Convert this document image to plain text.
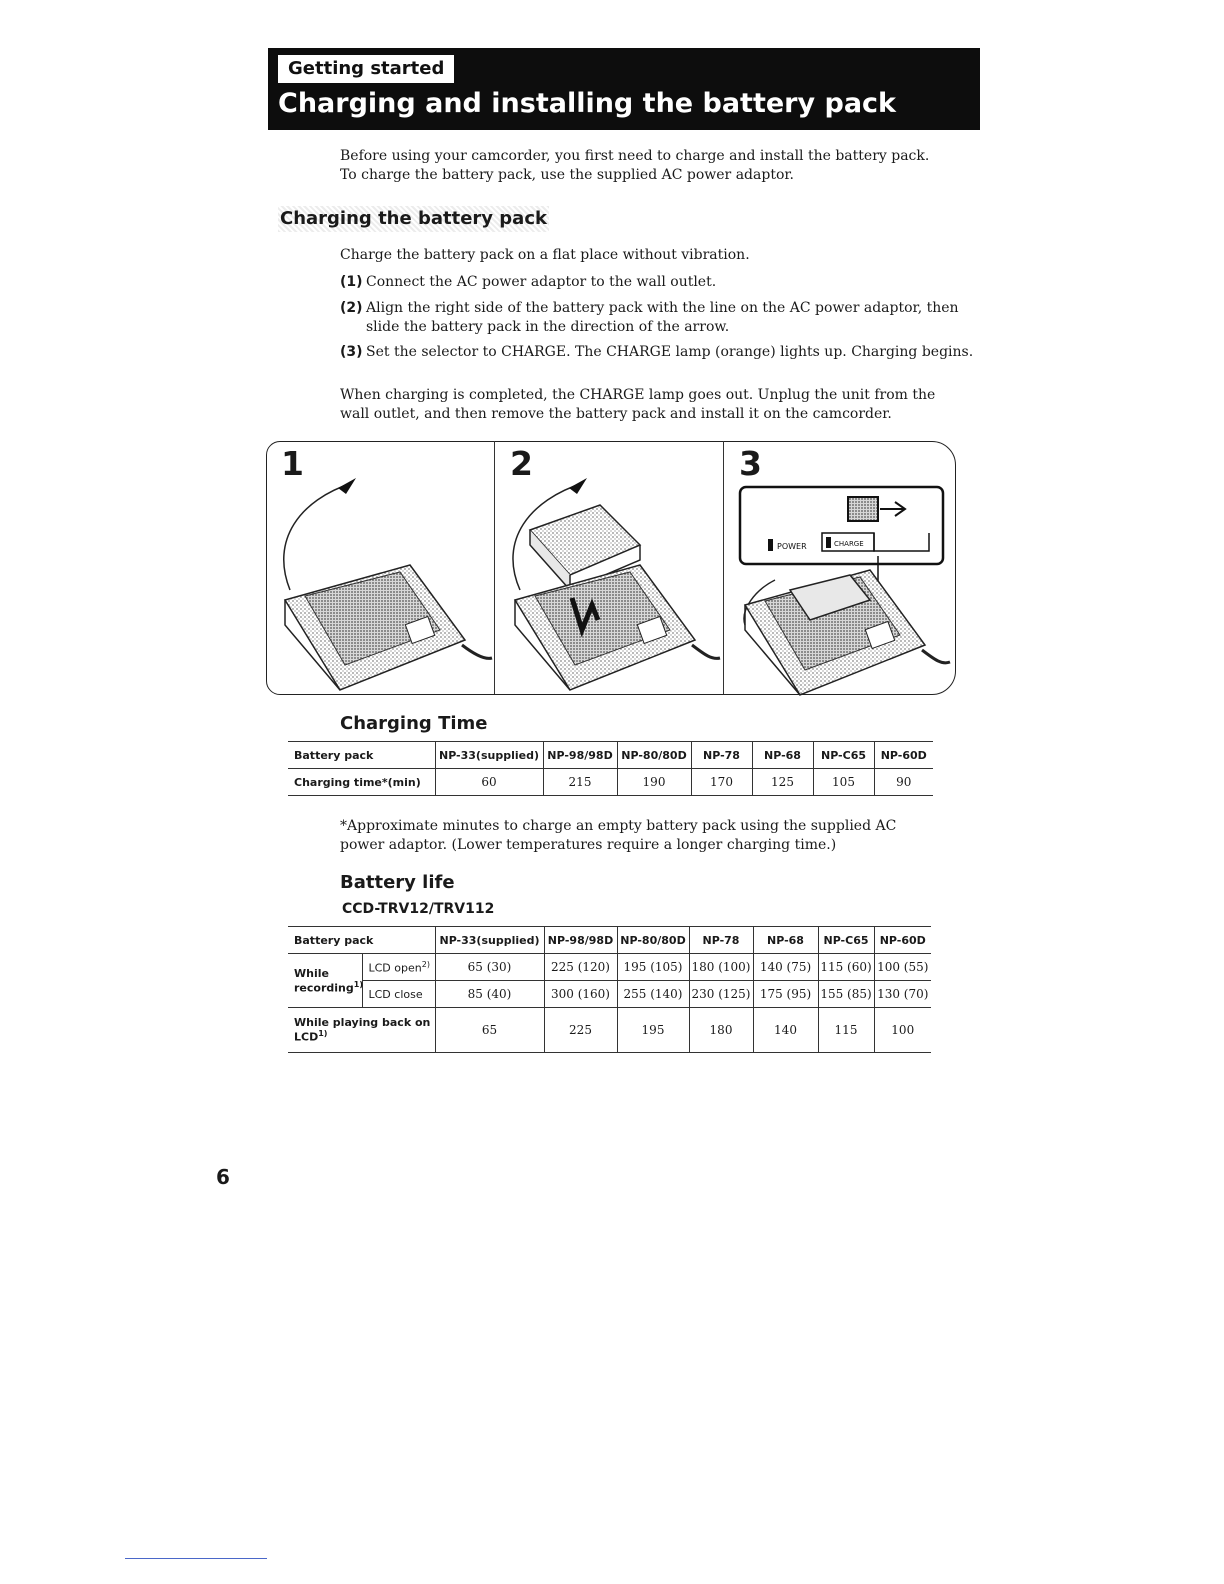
Getting started
Charging and installing the battery pack

Before using your camcorder, you first need to charge and install the battery pack. To charge the battery pack, use the supplied AC power adaptor.

Charging the battery pack

Charge the battery pack on a flat place without vibration.

(1) Connect the AC power adaptor to the wall outlet.

(2) Align the right side of the battery pack with the line on the AC power adaptor, then slide the battery pack in the direction of the arrow.

(3) Set the selector to CHARGE. The CHARGE lamp (orange) lights up. Charging begins.

When charging is completed, the CHARGE lamp goes out. Unplug the unit from the wall outlet, and then remove the battery pack and install it on the camcorder.

1	2	3
POWER	CHARGE
Charging Time
Battery pack	NP-33(supplied)	NP-98/98D	NP-80/80D	NP-78	NP-68	NP-C65	NP-60D
Charging time*(min)	60	215	190	170	125	105	90

*Approximate minutes to charge an empty battery pack using the supplied AC power adaptor. (Lower temperatures require a longer charging time.)

Battery life
CCD-TRV12/TRV112
Battery pack		NP-33(supplied)	NP-98/98D	NP-80/80D	NP-78	NP-68	NP-C65	NP-60D
While recording$^{1)}$	LCD open$^{2)}$	65 (30)	225 (120)	195 (105)	180 (100)	140 (75)	115 (60)	100 (55)
	LCD close	85 (40)	300 (160)	255 (140)	230 (125)	175 (95)	155 (85)	130 (70)
While playing back on LCD$^{1)}$		65	225	195	180	140	115	100

6
